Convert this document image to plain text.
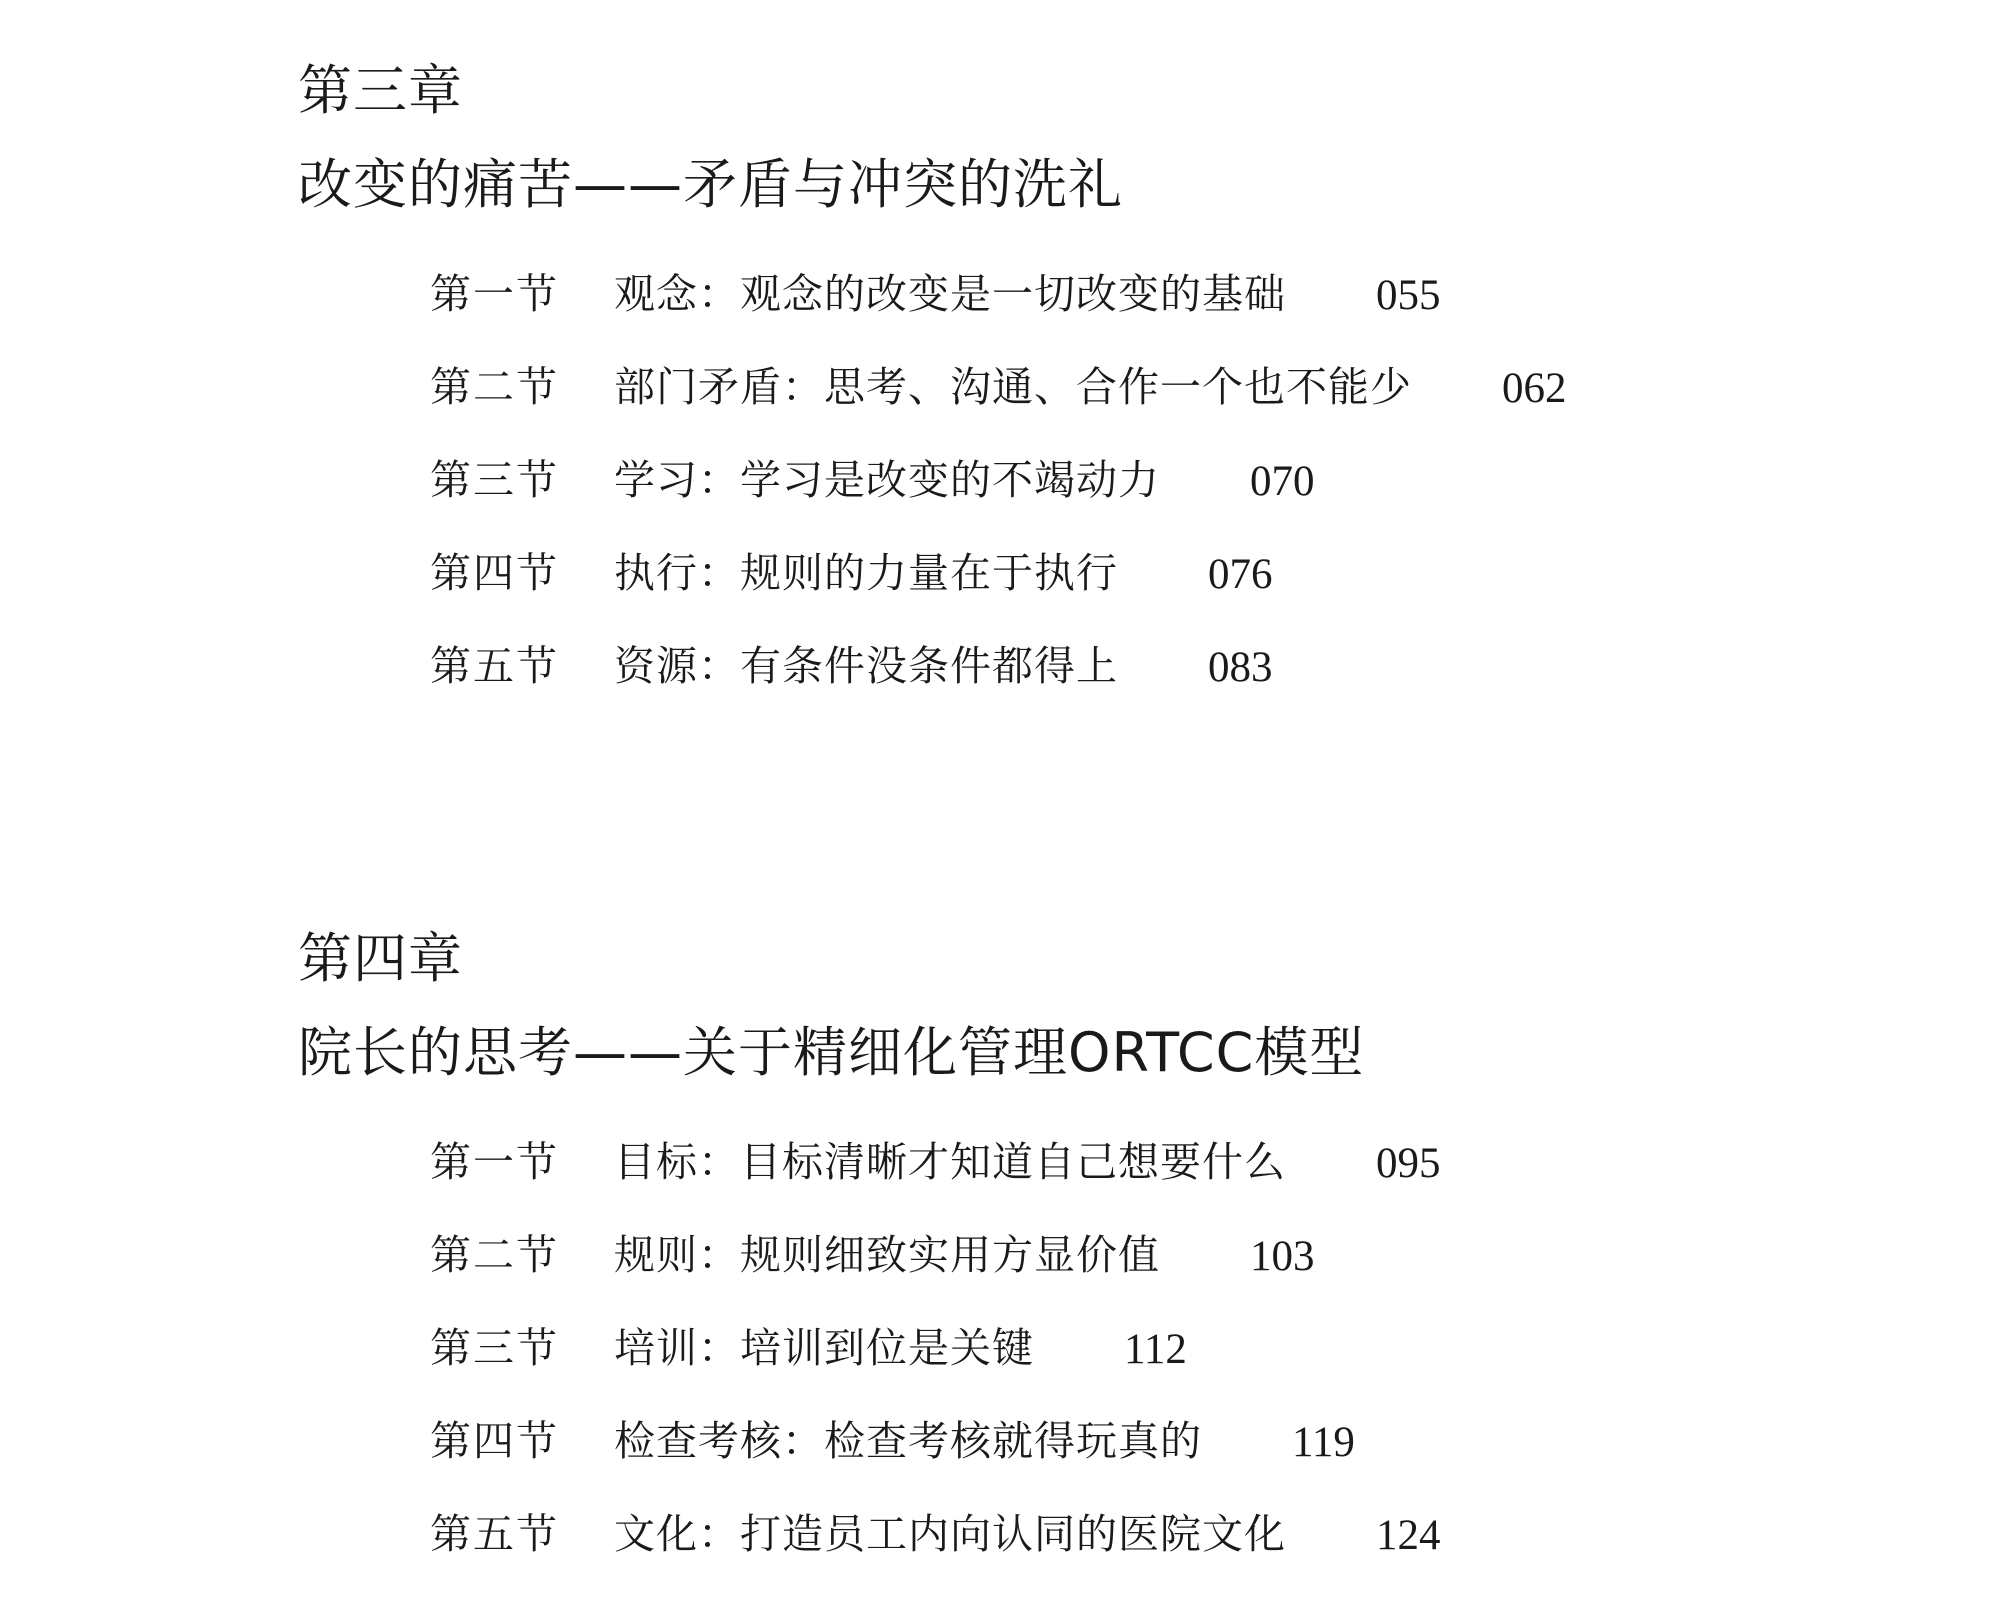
第三章
改变的痛苦——矛盾与冲突的洗礼
第一节	观念：观念的改变是一切改变的基础 055
第二节	部门矛盾：思考、沟通、合作一个也不能少 062
第三节	学习：学习是改变的不竭动力 070
第四节	执行：规则的力量在于执行 076
第五节	资源：有条件没条件都得上 083
第四章
院长的思考——关于精细化管理ORTCC模型
第一节	目标：目标清晰才知道自己想要什么 095
第二节	规则：规则细致实用方显价值 103
第三节	培训：培训到位是关键 112
第四节	检查考核：检查考核就得玩真的 119
第五节	文化：打造员工内向认同的医院文化 124
